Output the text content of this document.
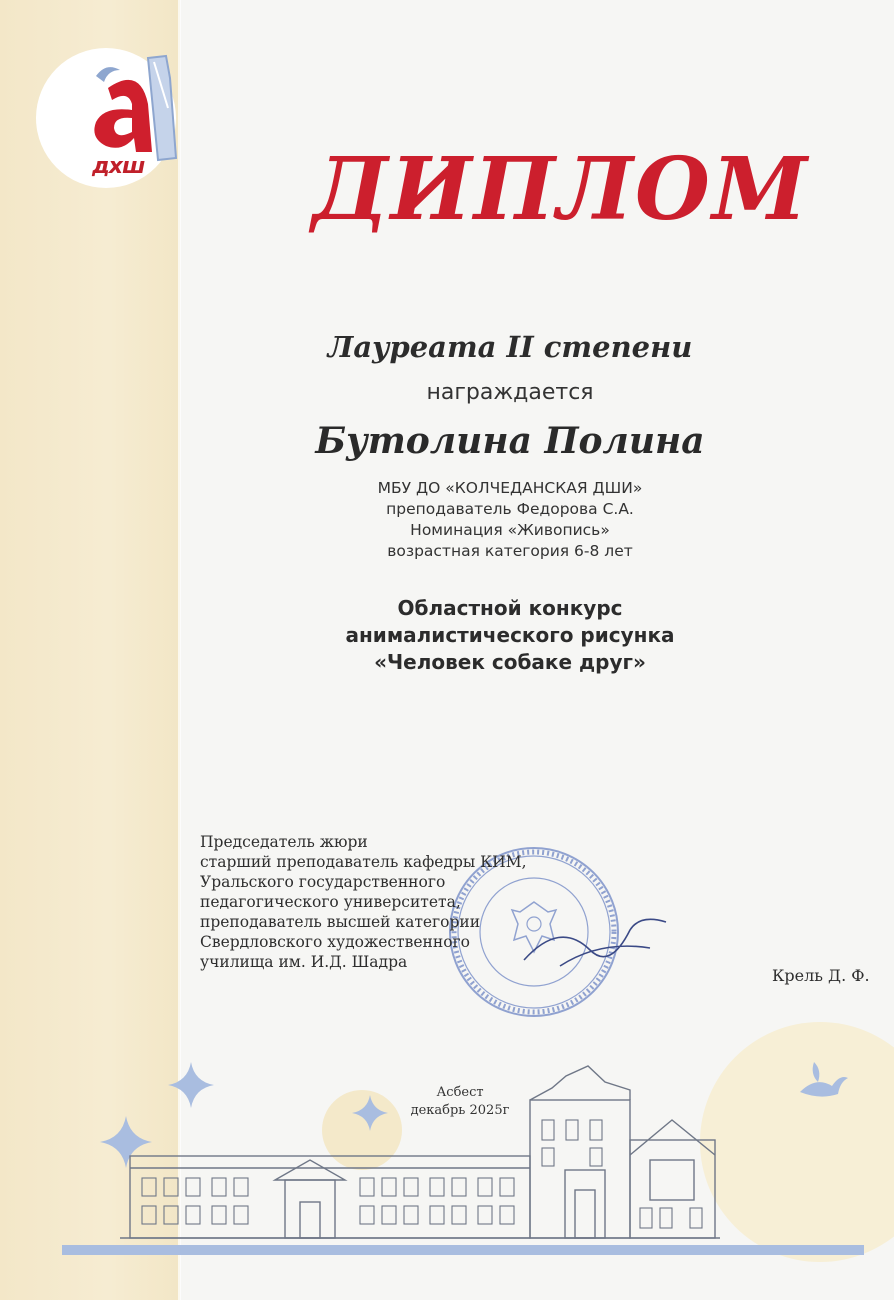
дхш ДИПЛОМ
Лауреата II степени
награждается
Бутолина Полина
МБУ ДО «КОЛЧЕДАНСКАЯ ДШИ»
преподаватель Федорова С.А.
Номинация «Живопись»
возрастная категория 6-8 лет
Областной конкурс
анималистического рисунка
«Человек собаке друг»
Председатель жюри
старший преподаватель кафедры КИМ,
Уральского государственного
педагогического университета,
преподаватель высшей категории
Свердловского художественного
училища им. И.Д. Шадра
Крель Д. Ф.
Асбест
декабрь 2025г
